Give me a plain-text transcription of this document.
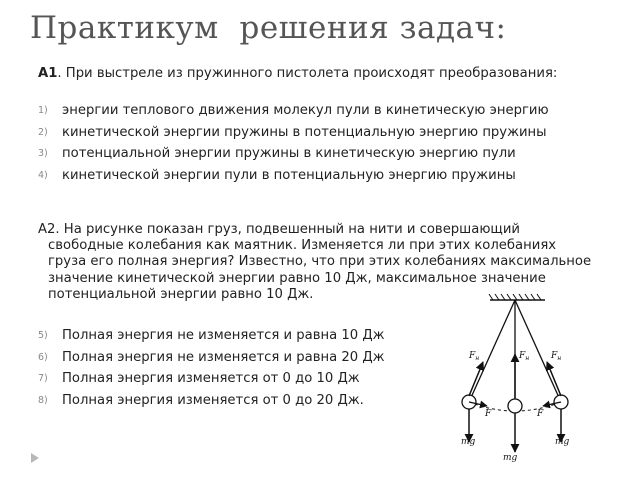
Практикум  решения задач:
А1. При выстреле из пружинного пистолета происходят преобразования:
1) энергии теплового движения молекул пули в кинетическую энергию
2) кинетической энергии пружины в потенциальную энергию пружины
3) потенциальной энергии пружины в кинетическую энергию пули
4) кинетической энергии пули в потенциальную энергию пружины
А2. На рисунке показан груз, подвешенный на нити и совершающий свободные колебания как маятник. Изменяется ли при этих колебаниях груза его полная энергия? Известно, что при этих колебаниях максимальное значение кинетической энергии равно 10 Дж, максимальное значение потенциальной энергии равно 10 Дж.
5) Полная энергия не изменяется и равна 10 Дж
6) Полная энергия не изменяется и равна 20 Дж
7) Полная энергия изменяется от 0 до 10 Дж
8) Полная энергия изменяется от 0 до 20 Дж.
$F_н$	$F_н$ $F_н$
F	F
mg
mg
mg
